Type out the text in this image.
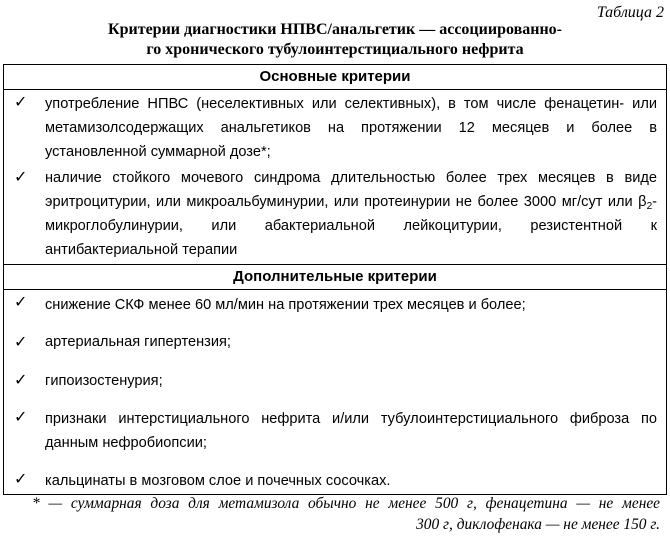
Таблица 2
Критерии диагностики НПВС/анальгетик — ассоциированно-
го хронического тубулоинтерстициального нефрита
Основные критерии
✓ употребление НПВС (неселективных или селективных), в том числе фенацетин- или метамизолсодержащих анальгетиков на протяжении 12 месяцев и более в установленной суммарной дозе*;
✓ наличие стойкого мочевого синдрома длительностью более трех месяцев в виде эритроцитурии, или микроальбуминурии, или протеинурии не более 3000 мг/сут или $\beta_2$-микроглобулинурии, или абактериальной лейкоцитурии, резистентной к антибактериальной терапии
Дополнительные критерии
✓ снижение СКФ менее 60 мл/мин на протяжении трех месяцев и более;
✓ артериальная гипертензия;
✓ гипоизостенурия;
✓ признаки интерстициального нефрита и/или тубулоинтерстициального фиброза по данным нефробиопсии;
✓ кальцинаты в мозговом слое и почечных сосочках.
* — суммарная доза для метамизола обычно не менее 500 г, фенацетина — не менее
300 г, диклофенака — не менее 150 г.
